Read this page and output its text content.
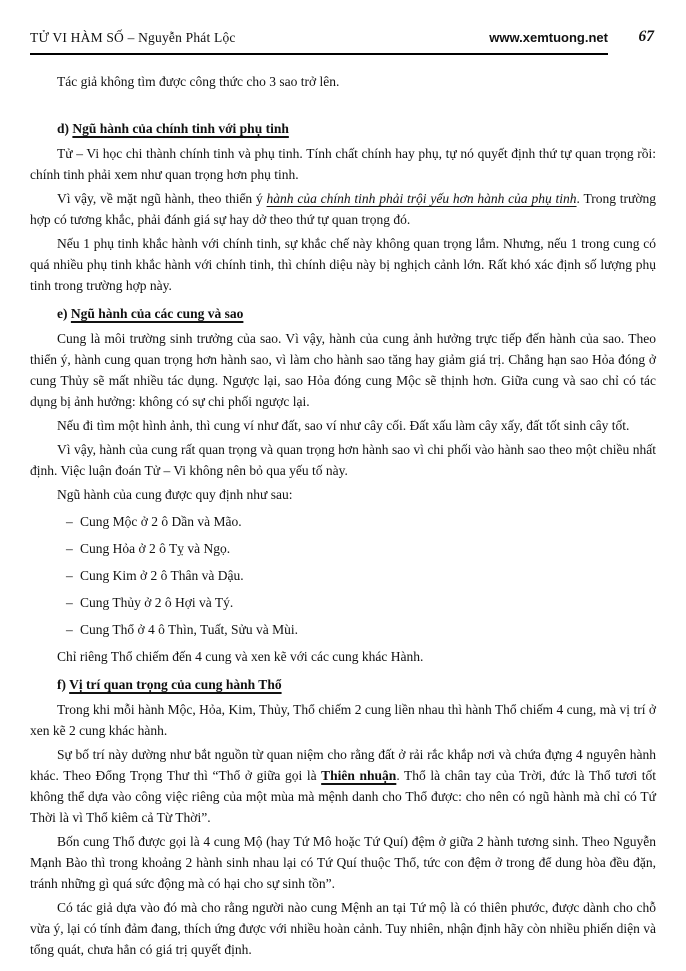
TỬ VI HÀM SỐ – Nguyễn Phát Lộc	www.xemtuong.net 67

Tác giả không tìm được công thức cho 3 sao trở lên.

d) Ngũ hành của chính tinh với phụ tinh

Tử – Vi học chi thành chính tinh và phụ tinh. Tính chất chính hay phụ, tự nó quyết định thứ tự quan trọng rồi: chính tinh phải xem như quan trọng hơn phụ tinh.

Vì vậy, về mặt ngũ hành, theo thiển ý hành của chính tinh phải trội yếu hơn hành của phụ tinh. Trong trường hợp có tương khắc, phải đánh giá sự hay dở theo thứ tự quan trọng đó.

Nếu 1 phụ tinh khắc hành với chính tinh, sự khắc chế này không quan trọng lắm. Nhưng, nếu 1 trong cung có quá nhiều phụ tinh khắc hành với chính tinh, thì chính diệu này bị nghịch cảnh lớn. Rất khó xác định số lượng phụ tinh trong trường hợp này.

e) Ngũ hành của các cung và sao

Cung là môi trường sinh trưởng của sao. Vì vậy, hành của cung ảnh hưởng trực tiếp đến hành của sao. Theo thiển ý, hành cung quan trọng hơn hành sao, vì làm cho hành sao tăng hay giảm giá trị. Chẳng hạn sao Hỏa đóng ở cung Thủy sẽ mất nhiều tác dụng. Ngược lại, sao Hỏa đóng cung Mộc sẽ thịnh hơn. Giữa cung và sao chỉ có tác dụng bị ảnh hưởng: không có sự chi phối ngược lại.

Nếu đi tìm một hình ảnh, thì cung ví như đất, sao ví như cây cối. Đất xấu làm cây xấy, đất tốt sinh cây tốt.

Vì vậy, hành của cung rất quan trọng và quan trọng hơn hành sao vì chi phối vào hành sao theo một chiều nhất định. Việc luận đoán Tử – Vi không nên bỏ qua yếu tố này.

Ngũ hành của cung được quy định như sau:

– Cung Mộc ở 2 ô Dần và Mão.

– Cung Hỏa ở 2 ô Tỵ và Ngọ.

– Cung Kim ở 2 ô Thân và Dậu.

– Cung Thủy ở 2 ô Hợi và Tý.

– Cung Thổ ở 4 ô Thìn, Tuất, Sửu và Mùi.

Chỉ riêng Thổ chiếm đến 4 cung và xen kẽ với các cung khác Hành.

f) Vị trí quan trọng của cung hành Thổ

Trong khi mỗi hành Mộc, Hỏa, Kim, Thủy, Thổ chiếm 2 cung liền nhau thì hành Thổ chiếm 4 cung, mà vị trí ở xen kẽ 2 cung khác hành.

Sự bố trí này dường như bắt nguồn từ quan niệm cho rằng đất ở rải rắc khắp nơi và chứa đựng 4 nguyên hành khác. Theo Đổng Trọng Thư thì “Thổ ở giữa gọi là Thiên nhuận. Thổ là chân tay của Trời, đức là Thổ tươi tốt không thể dựa vào công việc riêng của một mùa mà mệnh danh cho Thổ được: cho nên có ngũ hành mà chỉ có Tứ Thời là vì Thổ kiêm cả Từ Thời”.

Bốn cung Thổ được gọi là 4 cung Mộ (hay Tứ Mô hoặc Tứ Quí) đệm ở giữa 2 hành tương sinh. Theo Nguyễn Mạnh Bào thì trong khoảng 2 hành sinh nhau lại có Tứ Quí thuộc Thổ, tức con đệm ở trong để dung hòa đều đặn, tránh những gì quá sức động mà có hại cho sự sinh tồn”.

Có tác giả dựa vào đó mà cho rằng người nào cung Mệnh an tại Tứ mộ là có thiên phước, được dành cho chỗ vừa ý, lại có tính đảm đang, thích ứng được với nhiều hoàn cảnh. Tuy nhiên, nhận định hãy còn nhiều phiến diện và tổng quát, chưa hẳn có giá trị quyết định.
